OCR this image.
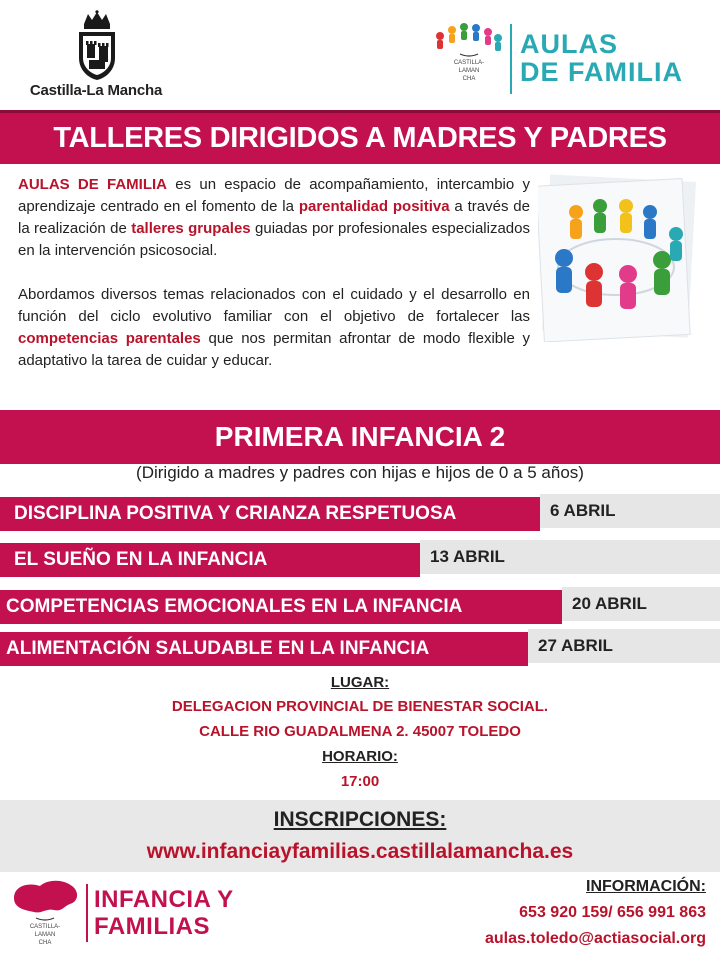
Castilla-La Mancha
CASTILLA-
LAMAN
CHA
AULAS
DE FAMILIA
TALLERES DIRIGIDOS A MADRES Y PADRES

AULAS DE FAMILIA es un espacio de acompañamiento, intercambio y aprendizaje centrado en el fomento de la parentalidad positiva a través de la realización de talleres grupales guiadas por profesionales especializados en la intervención psicosocial.

Abordamos diversos temas relacionados con el cuidado y el desarrollo en función del ciclo evolutivo familiar con el objetivo de fortalecer las competencias parentales que nos permitan afrontar de modo flexible y adaptativo la tarea de cuidar y educar.

PRIMERA INFANCIA 2
(Dirigido a madres y padres con hijas e hijos de 0 a 5 años)
DISCIPLINA POSITIVA Y CRIANZA RESPETUOSA	6 ABRIL
EL SUEÑO EN LA INFANCIA	13 ABRIL
COMPETENCIAS EMOCIONALES EN LA INFANCIA	20 ABRIL
ALIMENTACIÓN SALUDABLE EN LA INFANCIA	27 ABRIL
LUGAR:
DELEGACION PROVINCIAL DE BIENESTAR SOCIAL.
CALLE RIO GUADALMENA 2. 45007 TOLEDO
HORARIO:
17:00
INSCRIPCIONES:
www.infanciayfamilias.castillalamancha.es
CASTILLA-
LAMAN
CHA
INFANCIA Y
FAMILIAS
INFORMACIÓN:
653 920 159/ 656 991 863
aulas.toledo@actiasocial.org
